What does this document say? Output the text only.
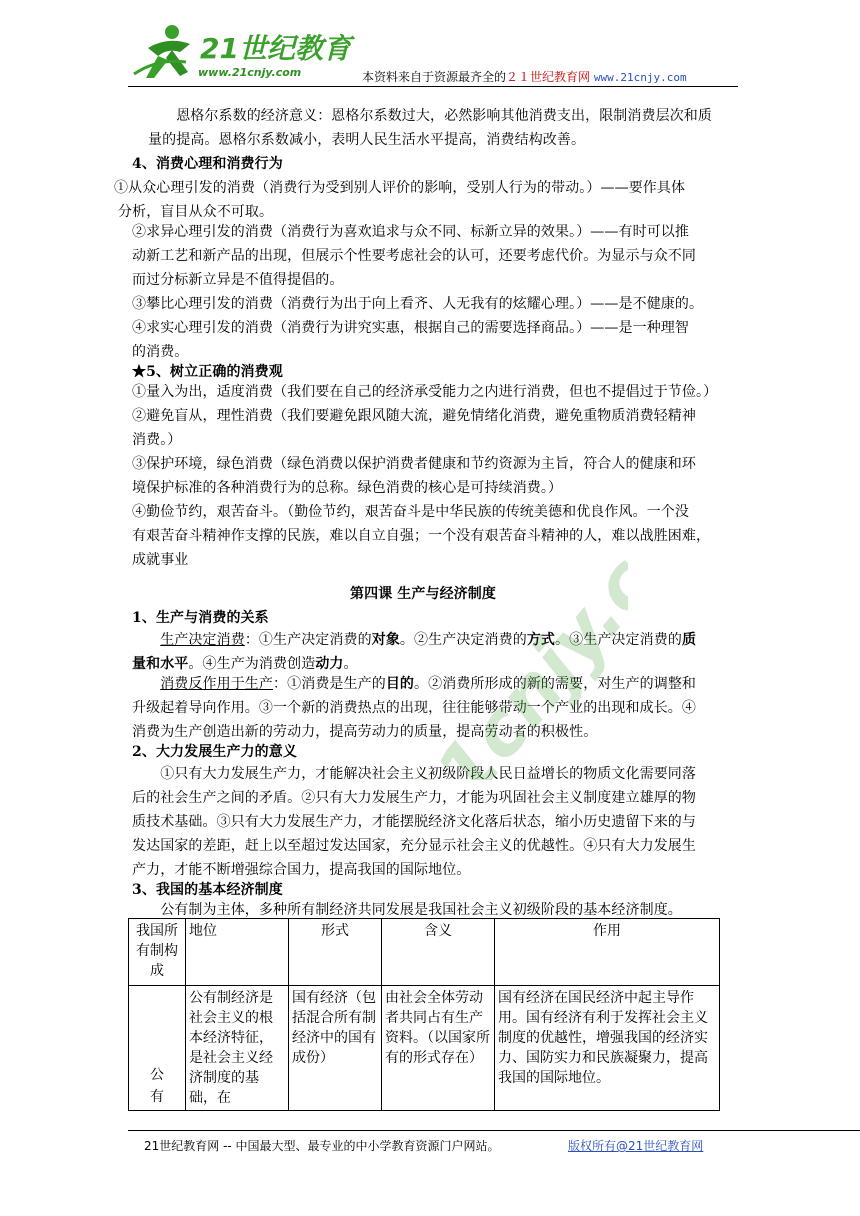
21世纪教育
www.21cnjy.com	本资料来自于资源最齐全的２１世纪教育网 www.21cnjy.com
　　恩格尔系数的经济意义：恩格尔系数过大，必然影响其他消费支出，限制消费层次和质
量的提高。恩格尔系数减小，表明人民生活水平提高，消费结构改善。
4、消费心理和消费行为
①从众心理引发的消费（消费行为受到别人评价的影响，受别人行为的带动。）——要作具体
分析，盲目从众不可取。
②求异心理引发的消费（消费行为喜欢追求与众不同、标新立异的效果。）——有时可以推
动新工艺和新产品的出现，但展示个性要考虑社会的认可，还要考虑代价。为显示与众不同
而过分标新立异是不值得提倡的。
③攀比心理引发的消费（消费行为出于向上看齐、人无我有的炫耀心理。）——是不健康的。
④求实心理引发的消费（消费行为讲究实惠，根据自己的需要选择商品。）——是一种理智
的消费。
★5、树立正确的消费观
①量入为出，适度消费（我们要在自己的经济承受能力之内进行消费，但也不提倡过于节俭。）
②避免盲从，理性消费（我们要避免跟风随大流，避免情绪化消费，避免重物质消费轻精神
消费。）
③保护环境，绿色消费（绿色消费以保护消费者健康和节约资源为主旨，符合人的健康和环
境保护标准的各种消费行为的总称。绿色消费的核心是可持续消费。）
④勤俭节约，艰苦奋斗。（勤俭节约，艰苦奋斗是中华民族的传统美德和优良作风。一个没
有艰苦奋斗精神作支撑的民族，难以自立自强；一个没有艰苦奋斗精神的人，难以战胜困难，
成就事业
第四课 生产与经济制度
1、生产与消费的关系
　　生产决定消费：①生产决定消费的对象。②生产决定消费的方式。③生产决定消费的质
量和水平。④生产为消费创造动力。
　　消费反作用于生产：①消费是生产的目的。②消费所形成的新的需要，对生产的调整和
升级起着导向作用。③一个新的消费热点的出现，往往能够带动一个产业的出现和成长。④
消费为生产创造出新的劳动力，提高劳动力的质量，提高劳动者的积极性。
2、大力发展生产力的意义
　　①只有大力发展生产力，才能解决社会主义初级阶段人民日益增长的物质文化需要同落
后的社会生产之间的矛盾。②只有大力发展生产力，才能为巩固社会主义制度建立雄厚的物
质技术基础。③只有大力发展生产力，才能摆脱经济文化落后状态，缩小历史遗留下来的与
发达国家的差距，赶上以至超过发达国家，充分显示社会主义的优越性。④只有大力发展生
产力，才能不断增强综合国力，提高我国的国际地位。
3、我国的基本经济制度
　　公有制为主体，多种所有制经济共同发展是我国社会主义初级阶段的基本经济制度。
我国所有制构成	地位	形式	含义	作用

公有	公有制经济是社会主义的根本经济特征，是社会主义经济制度的基础，在	国有经济（包括混合所有制经济中的国有成份）	由社会全体劳动者共同占有生产资料。（以国家所有的形式存在）	国有经济在国民经济中起主导作用。国有经济有利于发挥社会主义制度的优越性，增强我国的经济实力、国防实力和民族凝聚力，提高我国的国际地位。
21cnjy.com
21世纪教育网 -- 中国最大型、最专业的中小学教育资源门户网站。	版权所有@21世纪教育网
